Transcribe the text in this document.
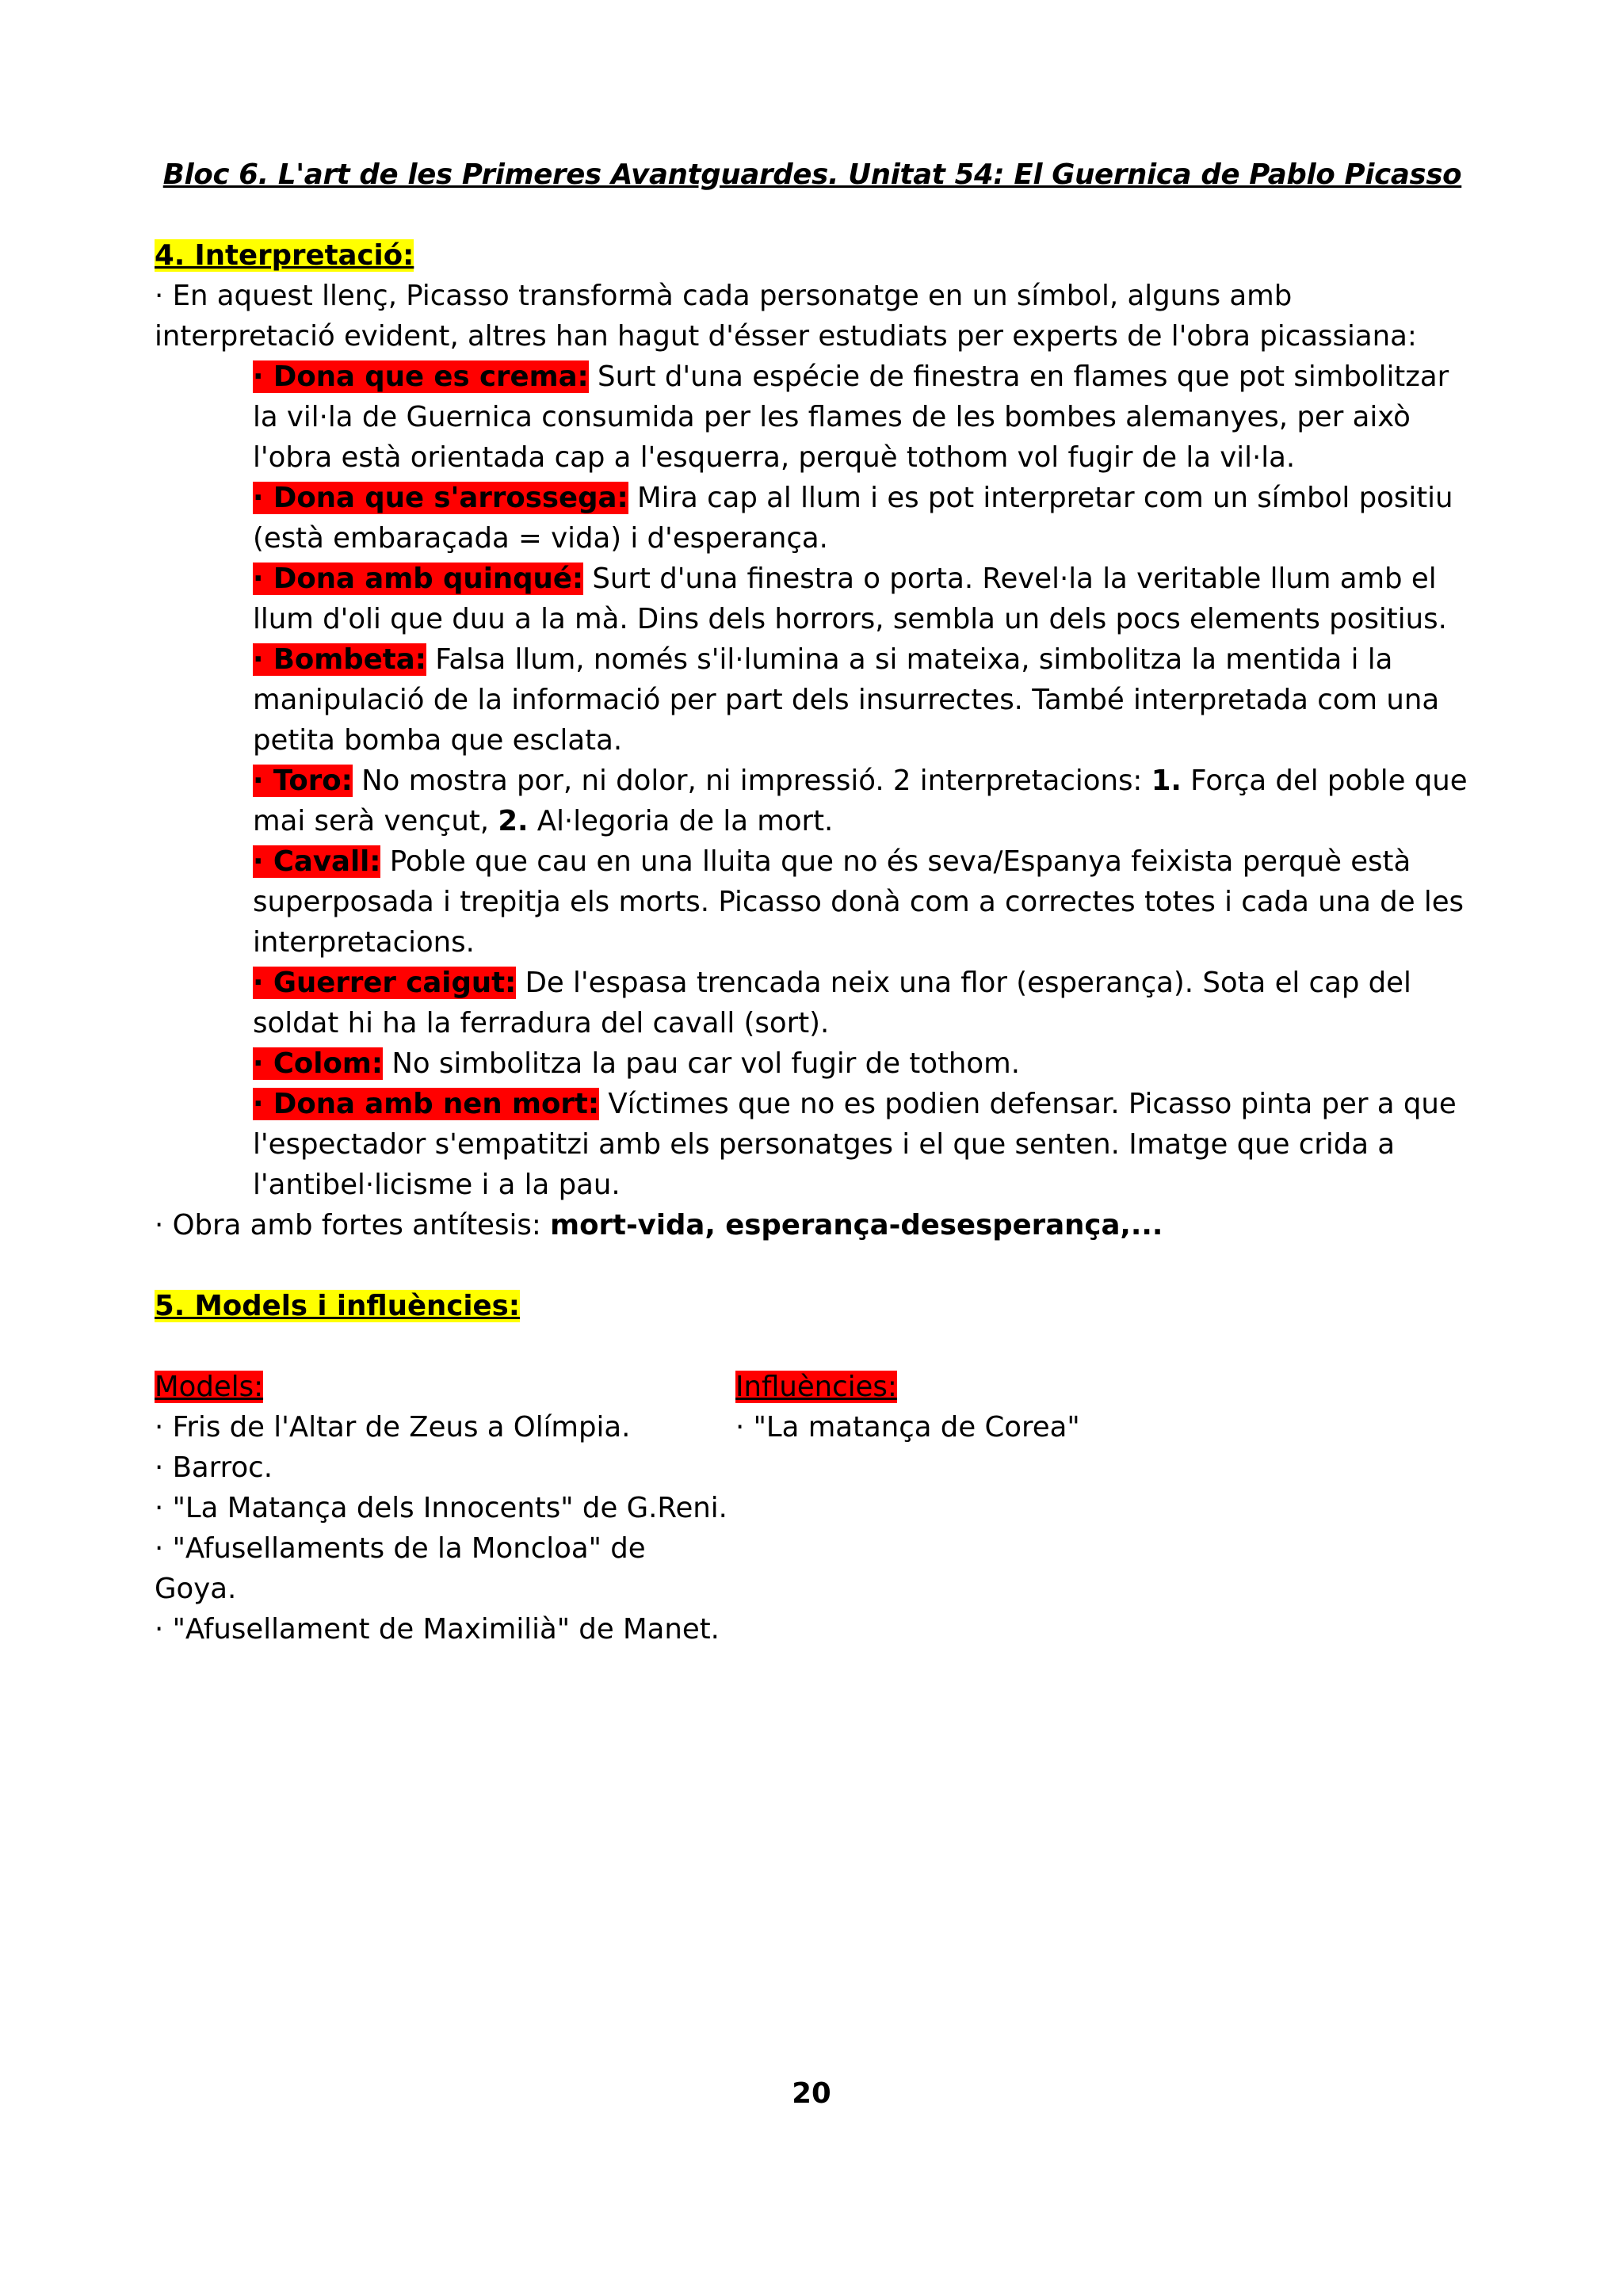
Bloc 6. L'art de les Primeres Avantguardes. Unitat 54: El Guernica de Pablo Picasso
4. Interpretació:
· En aquest llenç, Picasso transformà cada personatge en un símbol, alguns amb interpretació evident, altres han hagut d'ésser estudiats per experts de l'obra picassiana:
· Dona que es crema: Surt d'una espécie de finestra en flames que pot simbolitzar la vil·la de Guernica consumida per les flames de les bombes alemanyes, per això l'obra està orientada cap a l'esquerra, perquè tothom vol fugir de la vil·la.
· Dona que s'arrossega: Mira cap al llum i es pot interpretar com un símbol positiu (està embaraçada = vida) i d'esperança.
· Dona amb quinqué: Surt d'una finestra o porta. Revel·la la veritable llum amb el llum d'oli que duu a la mà. Dins dels horrors, sembla un dels pocs elements positius.
· Bombeta: Falsa llum, només s'il·lumina a si mateixa, simbolitza la mentida i la manipulació de la informació per part dels insurrectes. També interpretada com una petita bomba que esclata.
· Toro: No mostra por, ni dolor, ni impressió. 2 interpretacions: 1. Força del poble que mai serà vençut, 2. Al·legoria de la mort.
· Cavall: Poble que cau en una lluita que no és seva/Espanya feixista perquè està superposada i trepitja els morts. Picasso donà com a correctes totes i cada una de les interpretacions.
· Guerrer caigut: De l'espasa trencada neix una flor (esperança). Sota el cap del soldat hi ha la ferradura del cavall (sort).
· Colom: No simbolitza la pau car vol fugir de tothom.
· Dona amb nen mort: Víctimes que no es podien defensar. Picasso pinta per a que l'espectador s'empatitzi amb els personatges i el que senten. Imatge que crida a l'antibel·licisme i a la pau.
· Obra amb fortes antítesis: mort-vida, esperança-desesperança,...
5. Models i influències:
Models:
· Fris de l'Altar de Zeus a Olímpia.
· Barroc.
· "La Matança dels Innocents" de G.Reni.
· "Afusellaments de la Moncloa" de Goya.
· "Afusellament de Maximilià" de Manet.
Influències:
· "La matança de Corea"
20
